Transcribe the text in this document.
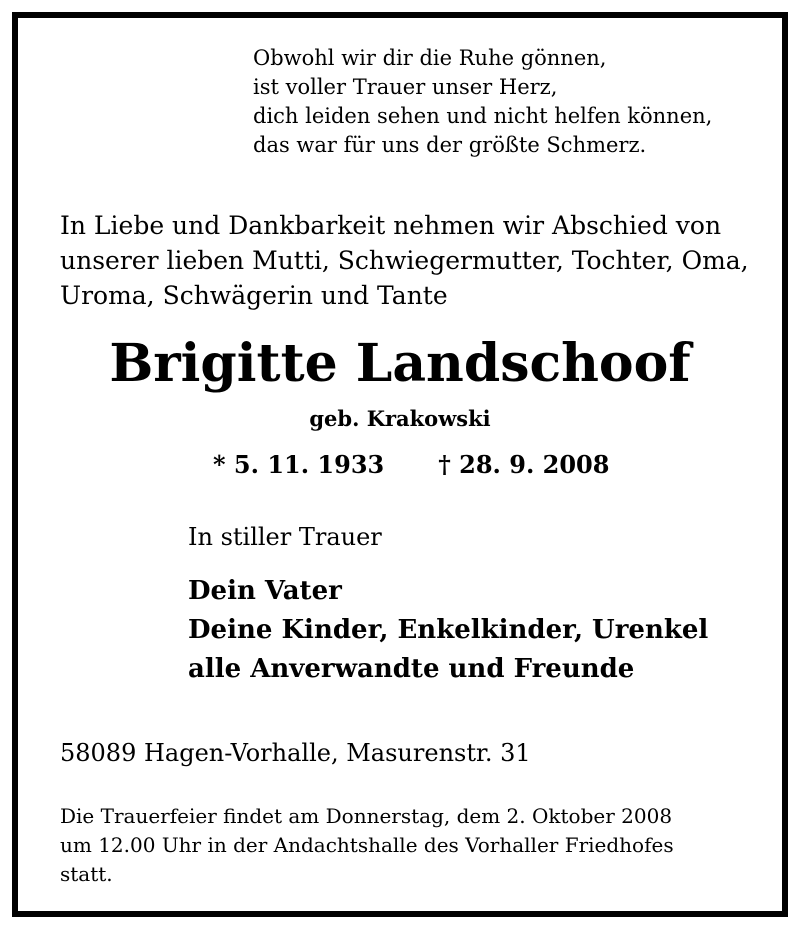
Obwohl wir dir die Ruhe gönnen,
ist voller Trauer unser Herz,
dich leiden sehen und nicht helfen können,
das war für uns der größte Schmerz.
In Liebe und Dankbarkeit nehmen wir Abschied von
unserer lieben Mutti, Schwiegermutter, Tochter, Oma,
Uroma, Schwägerin und Tante
Brigitte Landschoof
geb. Krakowski
* 5. 11. 1933 † 28. 9. 2008
In stiller Trauer
Dein Vater
Deine Kinder, Enkelkinder, Urenkel
alle Anverwandte und Freunde
58089 Hagen-Vorhalle, Masurenstr. 31
Die Trauerfeier findet am Donnerstag, dem 2. Oktober 2008
um 12.00 Uhr in der Andachtshalle des Vorhaller Friedhofes
statt.
